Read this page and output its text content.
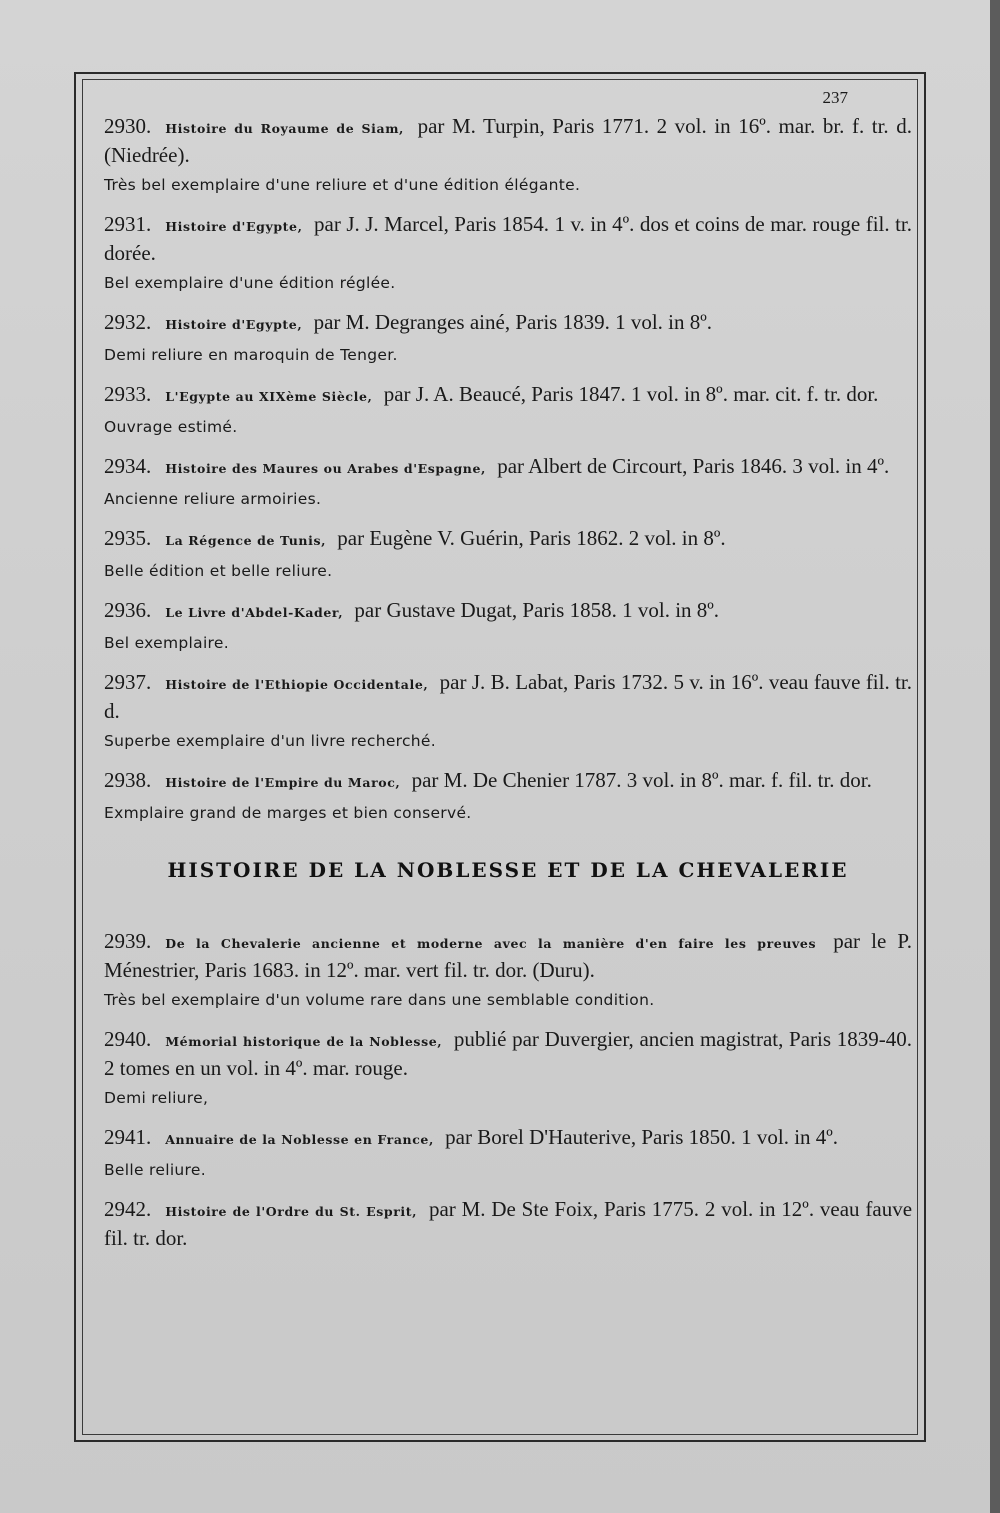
237
2930. Histoire du Royaume de Siam, par M. Turpin, Paris 1771. 2 vol. in 16º. mar. br. f. tr. d. (Niedrée).
Très bel exemplaire d'une reliure et d'une édition élégante.
2931. Histoire d'Egypte, par J. J. Marcel, Paris 1854. 1 v. in 4º. dos et coins de mar. rouge fil. tr. dorée.
Bel exemplaire d'une édition réglée.
2932. Histoire d'Egypte, par M. Degranges ainé, Paris 1839. 1 vol. in 8º.
Demi reliure en maroquin de Tenger.
2933. L'Egypte au XIXème Siècle, par J. A. Beaucé, Paris 1847. 1 vol. in 8º. mar. cit. f. tr. dor.
Ouvrage estimé.
2934. Histoire des Maures ou Arabes d'Espagne, par Albert de Circourt, Paris 1846. 3 vol. in 4º.
Ancienne reliure armoiries.
2935. La Régence de Tunis, par Eugène V. Guérin, Paris 1862. 2 vol. in 8º.
Belle édition et belle reliure.
2936. Le Livre d'Abdel-Kader, par Gustave Dugat, Paris 1858. 1 vol. in 8º.
Bel exemplaire.
2937. Histoire de l'Ethiopie Occidentale, par J. B. Labat, Paris 1732. 5 v. in 16º. veau fauve fil. tr. d.
Superbe exemplaire d'un livre recherché.
2938. Histoire de l'Empire du Maroc, par M. De Chenier 1787. 3 vol. in 8º. mar. f. fil. tr. dor.
Exmplaire grand de marges et bien conservé.
HISTOIRE DE LA NOBLESSE ET DE LA CHEVALERIE
2939. De la Chevalerie ancienne et moderne avec la manière d'en faire les preuves par le P. Ménestrier, Paris 1683. in 12º. mar. vert fil. tr. dor. (Duru).
Très bel exemplaire d'un volume rare dans une semblable condition.
2940. Mémorial historique de la Noblesse, publié par Duvergier, ancien magistrat, Paris 1839-40. 2 tomes en un vol. in 4º. mar. rouge.
Demi reliure,
2941. Annuaire de la Noblesse en France, par Borel D'Hauterive, Paris 1850. 1 vol. in 4º.
Belle reliure.
2942. Histoire de l'Ordre du St. Esprit, par M. De Ste Foix, Paris 1775. 2 vol. in 12º. veau fauve fil. tr. dor.
